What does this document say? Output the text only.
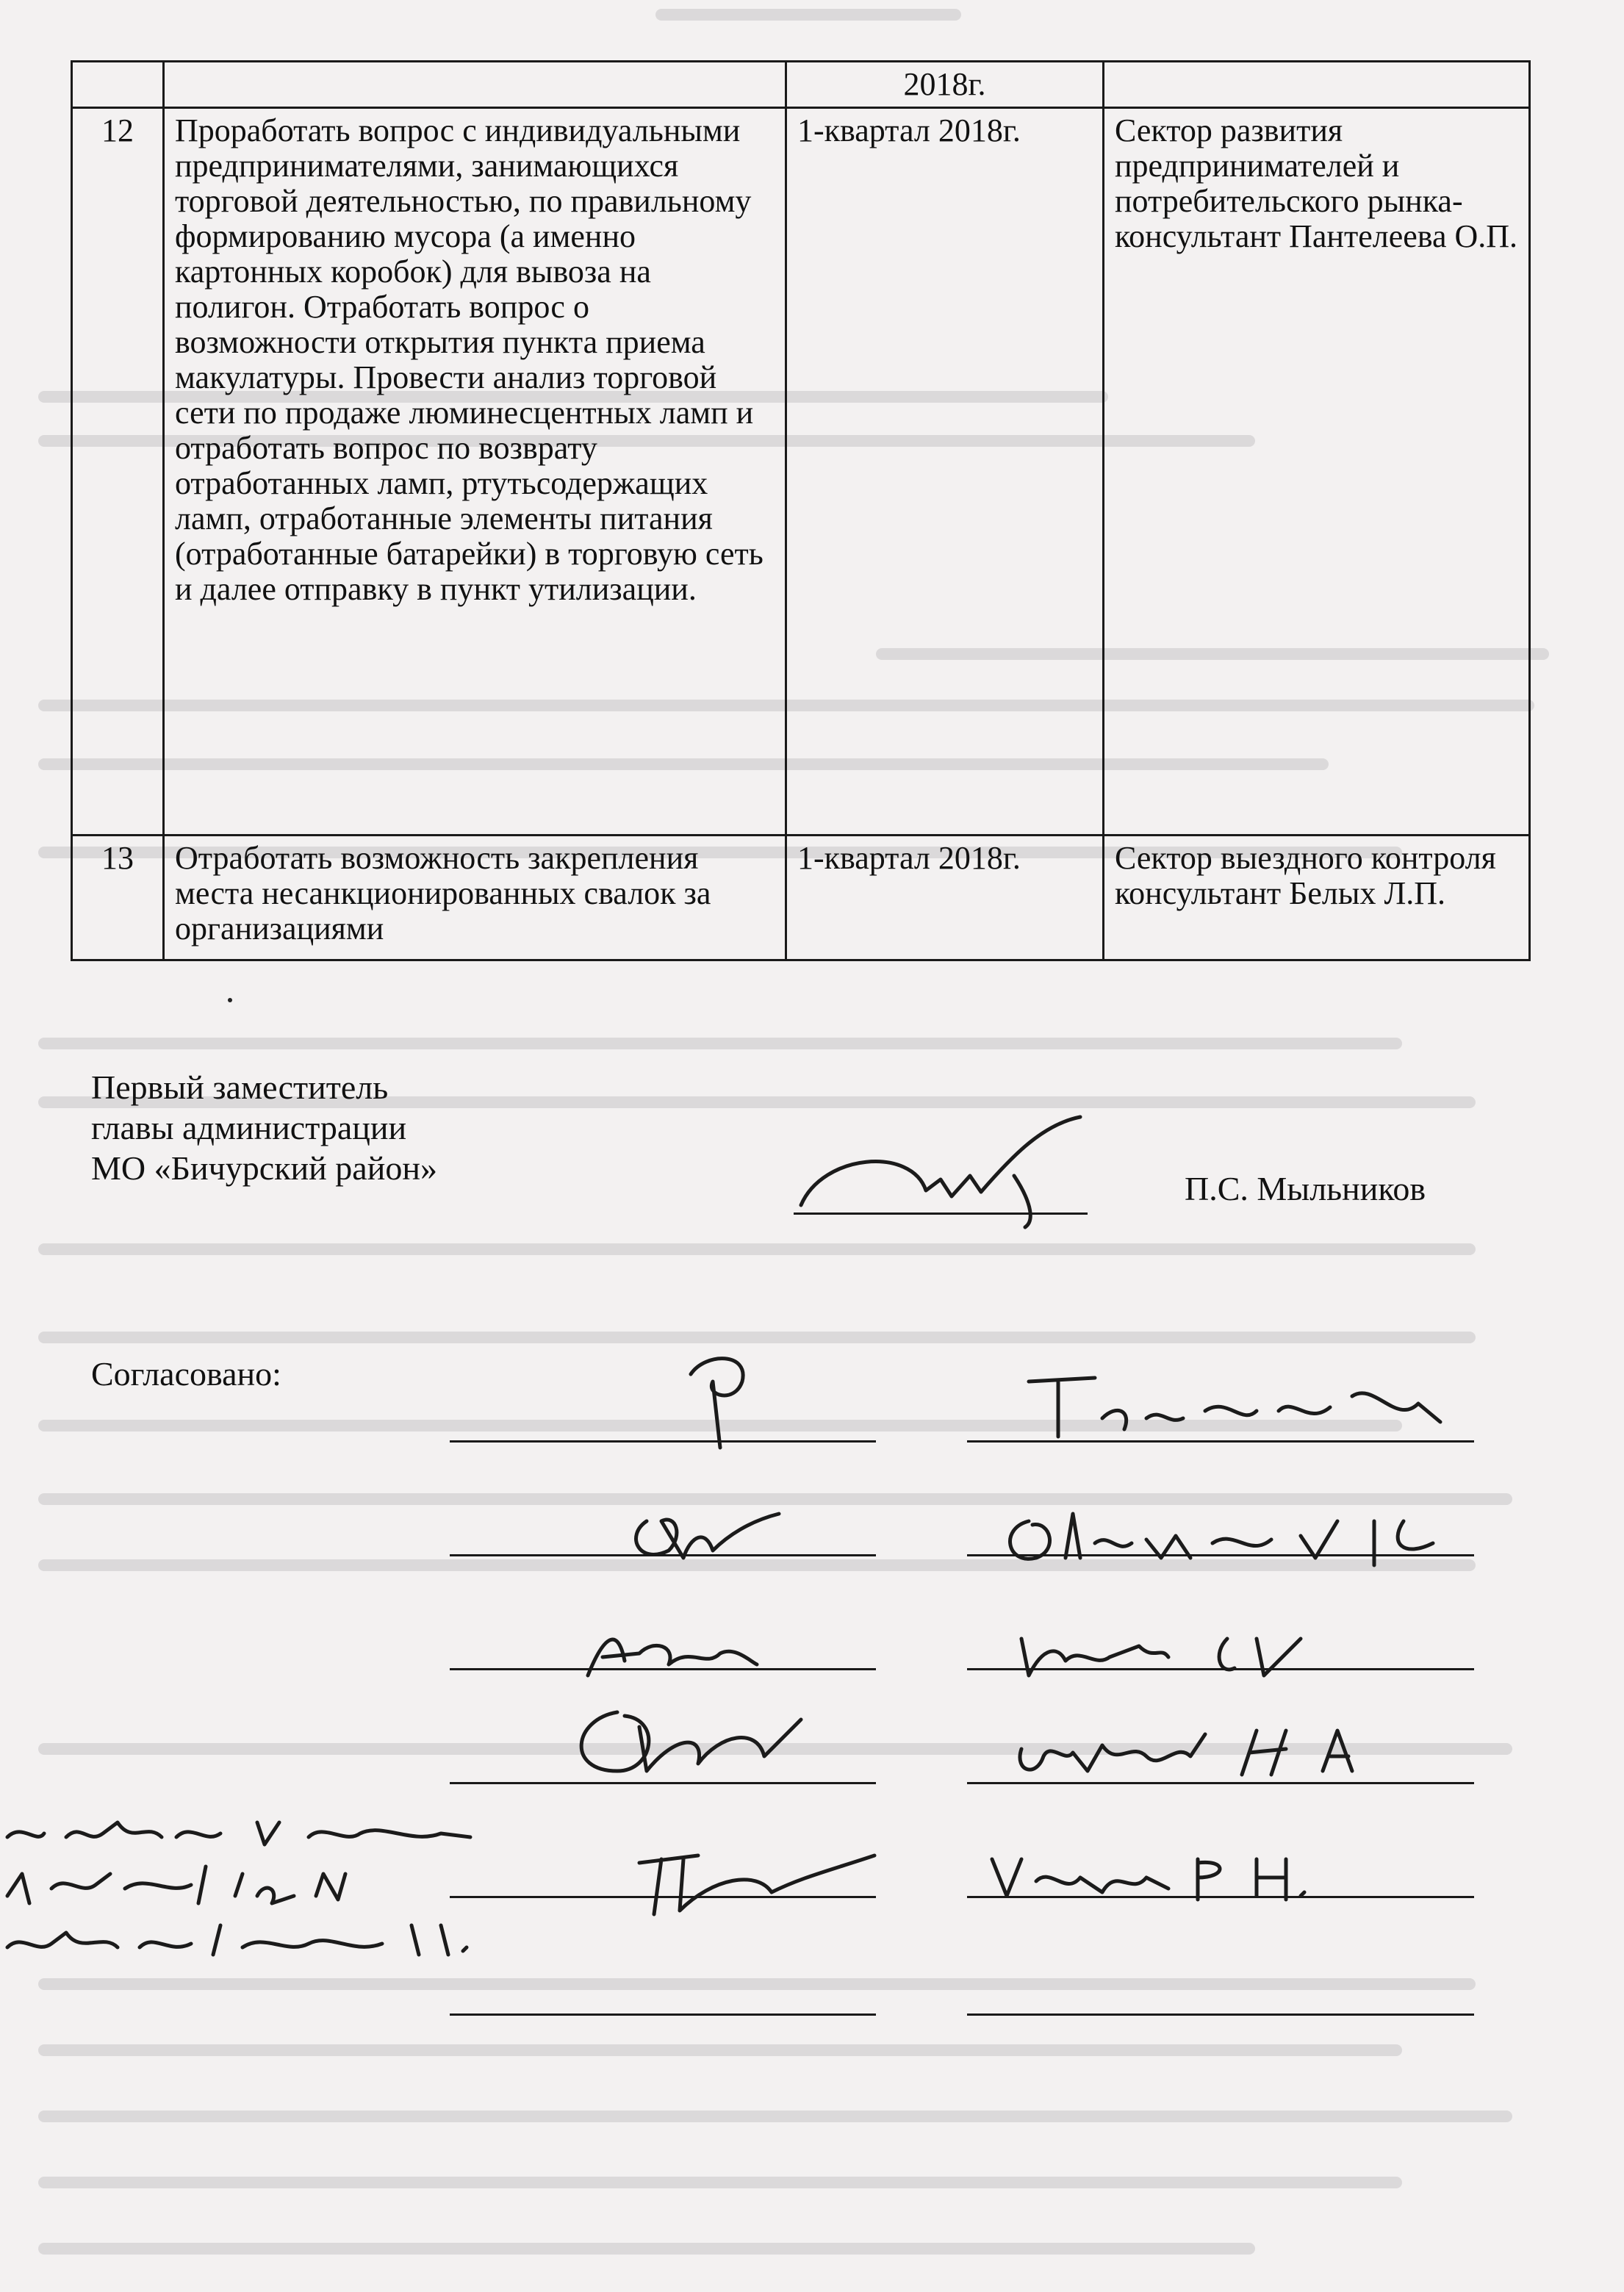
		2018г.	
12	Проработать вопрос с индивидуальными предпринимателями, занимающихся торговой деятельностью, по правильному формированию мусора (а именно картонных коробок) для вывоза на полигон. Отработать вопрос о возможности открытия пункта приема макулатуры. Провести анализ торговой сети по продаже люминесцентных ламп и отработать вопрос по возврату отработанных ламп, ртутьсодержащих ламп, отработанные элементы питания (отработанные батарейки) в торговую сеть и далее отправку в пункт утилизации.	1-квартал 2018г.	Сектор развития предпринимателей и потребительского рынка- консультант Пантелеева О.П.
13	Отработать возможность закрепления места несанкционированных свалок за организациями	1-квартал 2018г.	Сектор выездного контроля консультант Белых Л.П.
Первый заместитель
главы администрации
МО «Бичурский район»
П.С. Мыльников
Согласовано:
